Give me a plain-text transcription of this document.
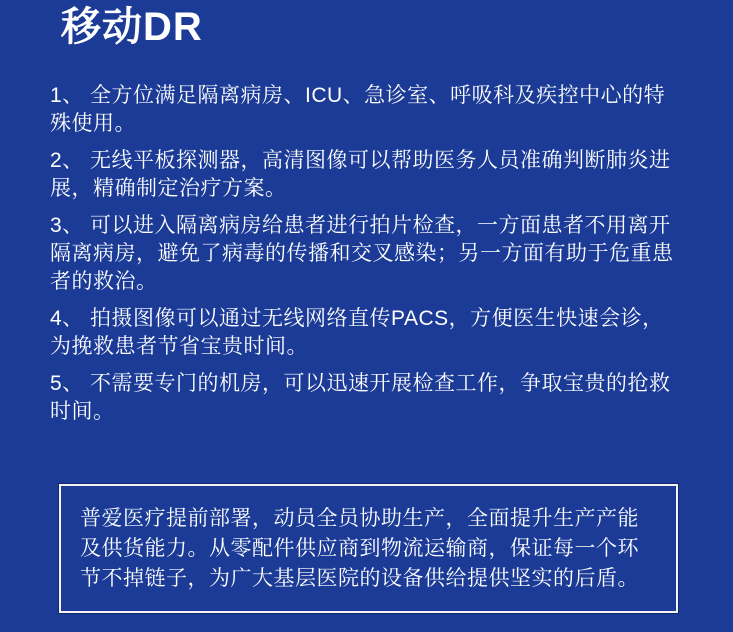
移动DR

1、 全方位满足隔离病房、ICU、急诊室、呼吸科及疾控中心的特殊使用。

2、 无线平板探测器，高清图像可以帮助医务人员准确判断肺炎进展，精确制定治疗方案。

3、 可以进入隔离病房给患者进行拍片检查，一方面患者不用离开隔离病房，避免了病毒的传播和交叉感染；另一方面有助于危重患者的救治。

4、 拍摄图像可以通过无线网络直传PACS，方便医生快速会诊，为挽救患者节省宝贵时间。

5、 不需要专门的机房，可以迅速开展检查工作，争取宝贵的抢救时间。

普爱医疗提前部署，动员全员协助生产，全面提升生产产能及供货能力。从零配件供应商到物流运输商，保证每一个环节不掉链子，为广大基层医院的设备供给提供坚实的后盾。
